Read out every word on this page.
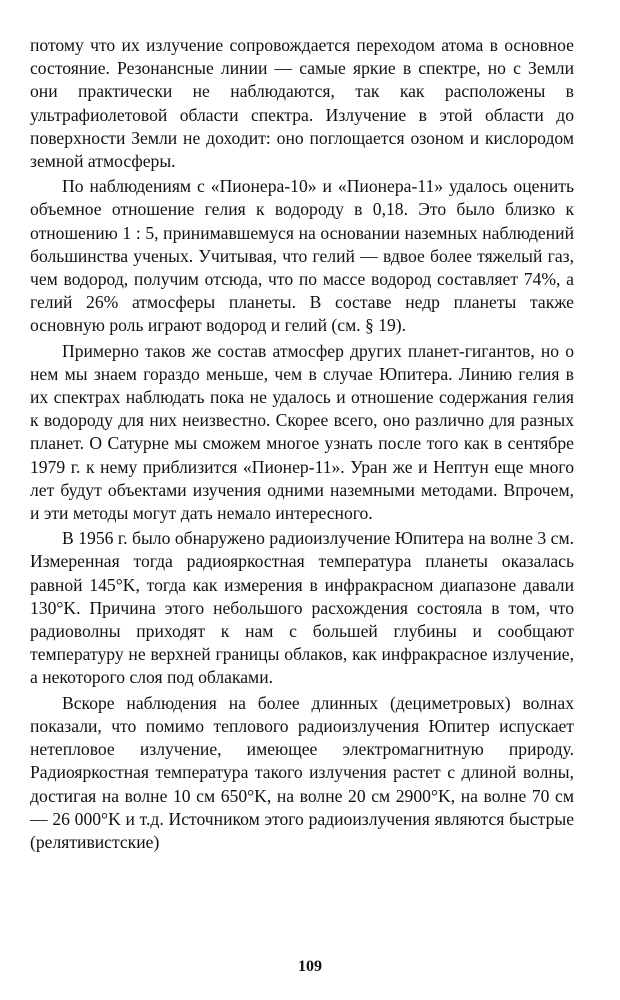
потому что их излучение сопровождается переходом атома в основное состояние. Резонансные линии — самые яркие в спектре, но с Земли они практически не наблюдаются, так как расположены в ультрафиолетовой области спектра. Излучение в этой области до поверхности Земли не доходит: оно поглощается озоном и кислородом земной атмосферы.

По наблюдениям с «Пионера-10» и «Пионера-11» удалось оценить объемное отношение гелия к водороду в 0,18. Это было близко к отношению 1 : 5, принимавшемуся на основании наземных наблюдений большинства ученых. Учитывая, что гелий — вдвое более тяжелый газ, чем водород, получим отсюда, что по массе водород составляет 74%, а гелий 26% атмосферы планеты. В составе недр планеты также основную роль играют водород и гелий (см. § 19).

Примерно таков же состав атмосфер других планет-гигантов, но о нем мы знаем гораздо меньше, чем в случае Юпитера. Линию гелия в их спектрах наблюдать пока не удалось и отношение содержания гелия к водороду для них неизвестно. Скорее всего, оно различно для разных планет. О Сатурне мы сможем многое узнать после того как в сентябре 1979 г. к нему приблизится «Пионер-11». Уран же и Нептун еще много лет будут объектами изучения одними наземными методами. Впрочем, и эти методы могут дать немало интересного.

В 1956 г. было обнаружено радиоизлучение Юпитера на волне 3 см. Измеренная тогда радиояркостная температура планеты оказалась равной 145°K, тогда как измерения в инфракрасном диапазоне давали 130°K. Причина этого небольшого расхождения состояла в том, что радиоволны приходят к нам с большей глубины и сообщают температуру не верхней границы облаков, как инфракрасное излучение, а некоторого слоя под облаками.

Вскоре наблюдения на более длинных (дециметровых) волнах показали, что помимо теплового радиоизлучения Юпитер испускает нетепловое излучение, имеющее электромагнитную природу. Радиояркостная температура такого излучения растет с длиной волны, достигая на волне 10 см 650°K, на волне 20 см 2900°K, на волне 70 см — 26 000°K и т.д. Источником этого радиоизлучения являются быстрые (релятивистские)

109
